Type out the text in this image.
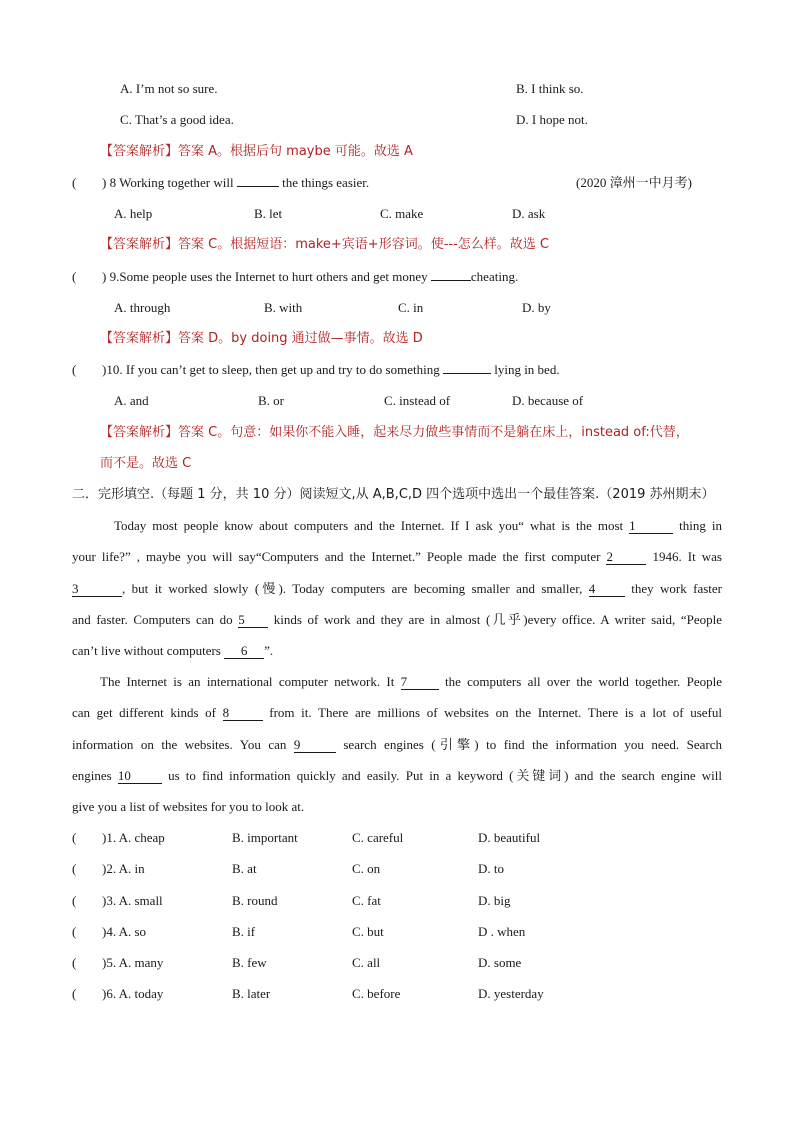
A. I’m not so sure.	B. I think so.
C. That’s a good idea.	D. I hope not.
【答案解析】答案 A。根据后句 maybe 可能。故选 A
( ) 8 Working together will	the things easier.	(2020 漳州一中月考)
A. help	B. let	C. make	D. ask
【答案解析】答案 C。根据短语：make+宾语+形容词。使---怎么样。故选 C
( ) 9.Some people uses the Internet to hurt others and get money	cheating.
A. through	B. with	C. in	D. by
【答案解析】答案 D。by doing 通过做—事情。故选 D
( )10. If you can’t get to sleep, then get up and try to do something	lying in bed.
A. and	B. or	C. instead of	D. because of
【答案解析】答案 C。句意：如果你不能入睡，起来尽力做些事情而不是躺在床上，instead of:代替，
而不是。故选 C
二．完形填空.（每题 1 分，共 10 分）阅读短文,从 A,B,C,D 四个选项中选出一个最佳答案.（2019 苏州期末）
Today most people know about computers and the Internet. If I ask you“ what is the most 1	thing in
your life?” , maybe you will say“Computers and the Internet.” People made the first computer 2	1946. It was
3	, but it worked slowly (慢). Today computers are becoming smaller and smaller, 4	they work faster
and faster. Computers can do 5 kinds of work and they are in almost (几乎)every office. A writer said, “People
can’t live without computers 6 ”.
The Internet is an international computer network. It 7	the computers all over the world together. People
can get different kinds of 8	from it. There are millions of websites on the Internet. There is a lot of useful
information on the websites. You can 9	search engines (引擎) to find the information you need. Search
engines 10	us to find information quickly and easily. Put in a keyword (关键词) and the search engine will
give you a list of websites for you to look at.
( )1. A. cheap	B. important	C. careful	D. beautiful
( )2. A. in	B. at	C. on	D. to
( )3. A. small	B. round	C. fat	D. big
( )4. A. so	B. if	C. but	D . when
( )5. A. many	B. few	C. all	D. some
( )6. A. today	B. later	C. before	D. yesterday
